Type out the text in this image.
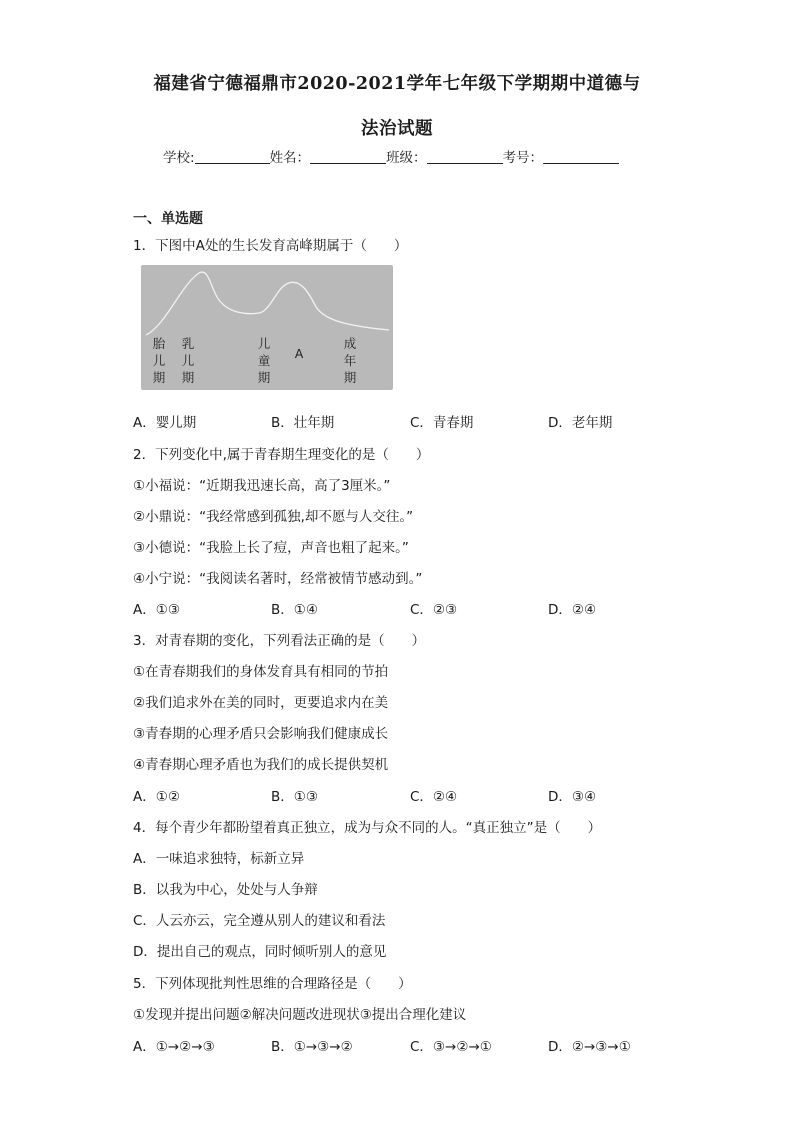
福建省宁德福鼎市2020-2021学年七年级下学期期中道德与
法治试题
学校:	姓名：	班级：	考号：
一、单选题
1．下图中A处的生长发育高峰期属于（　　）
胎
儿
期
乳
儿
期
儿
童
期
A
成
年
期
A．婴儿期	B．壮年期	C．青春期	D．老年期
2．下列变化中,属于青春期生理变化的是（　　）
①小福说：“近期我迅速长高，高了3厘米。”
②小鼎说：“我经常感到孤独,却不愿与人交往。”
③小德说：“我脸上长了痘，声音也粗了起来。”
④小宁说：“我阅读名著时，经常被情节感动到。”
A．①③	B．①④	C．②③	D．②④
3．对青春期的变化，下列看法正确的是（　　）
①在青春期我们的身体发育具有相同的节拍
②我们追求外在美的同时，更要追求内在美
③青春期的心理矛盾只会影响我们健康成长
④青春期心理矛盾也为我们的成长提供契机
A．①②	B．①③	C．②④	D．③④
4．每个青少年都盼望着真正独立，成为与众不同的人。“真正独立”是（　　）
A．一味追求独特，标新立异
B．以我为中心，处处与人争辩
C．人云亦云，完全遵从别人的建议和看法
D．提出自己的观点，同时倾听别人的意见
5．下列体现批判性思维的合理路径是（　　）
①发现并提出问题②解决问题改进现状③提出合理化建议
A．①→②→③	B．①→③→②	C．③→②→①	D．②→③→①
